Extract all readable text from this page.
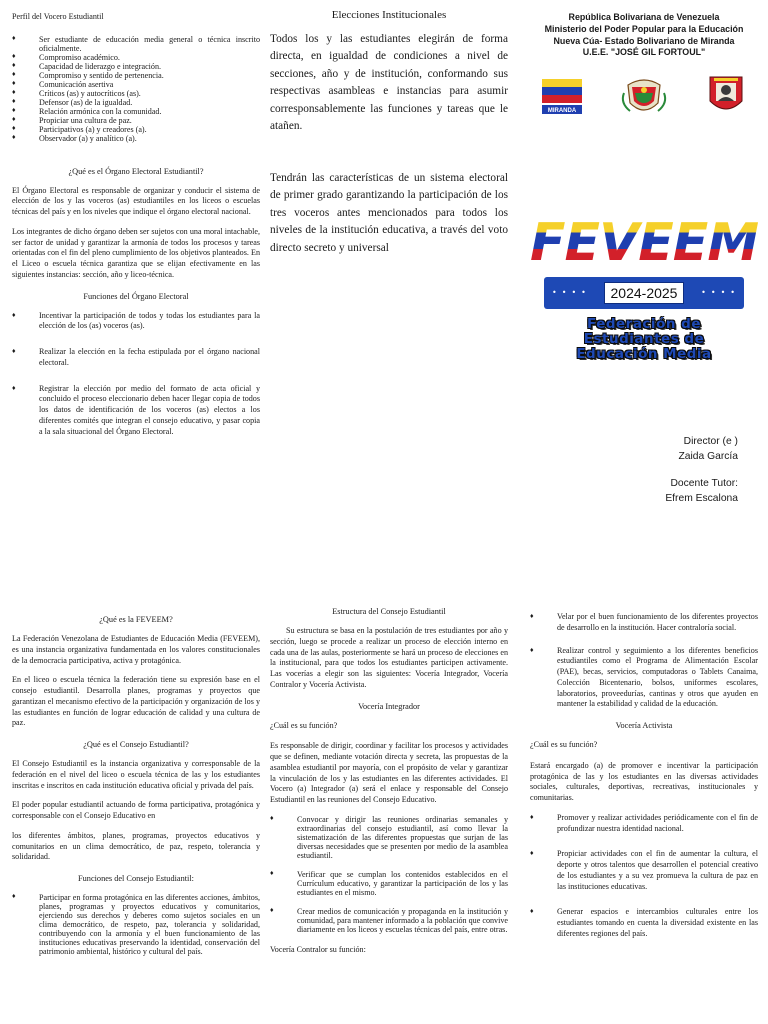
Perfil del Vocero Estudiantil
♦ Ser estudiante de educación media general o técnica inscrito oficialmente.
♦ Compromiso académico.
♦ Capacidad de liderazgo e integración.
♦ Compromiso y sentido de pertenencia.
♦ Comunicación asertiva
♦ Críticos (as) y autocríticos (as).
♦ Defensor (as) de la igualdad.
♦ Relación armónica con la comunidad.
♦ Propiciar una cultura de paz.
♦ Participativos (a) y creadores (a).
♦ Observador (a) y analítico (a).
¿Qué es el Órgano Electoral Estudiantil?

El Órgano Electoral es responsable de organizar y conducir el sistema de elección de los y las voceros (as) estudiantiles en los liceos o escuelas técnicas del país y en los niveles que indique el órgano electoral nacional.

Los integrantes de dicho órgano deben ser sujetos con una moral intachable, ser factor de unidad y garantizar la armonía de todos los procesos y tareas orientadas con el fin del pleno cumplimiento de los objetivos planteados. En el Liceo o escuela técnica garantiza que se elijan efectivamente en las siguientes instancias: sección, año y liceo-técnica.

Funciones del Órgano Electoral
♦ Incentivar la participación de todos y todas los estudiantes para la elección de los (as) voceros (as).
♦ Realizar la elección en la fecha estipulada por el órgano nacional electoral.
♦ Registrar la elección por medio del formato de acta oficial y concluido el proceso eleccionario deben hacer llegar copia de todos los datos de identificación de los voceros (as) electos a los diferentes comités que integran el consejo educativo, y pasar copia a la sala situacional del Órgano Electoral.
Elecciones Institucionales

Todos los y las estudiantes elegirán de forma directa, en igualdad de condiciones a nivel de secciones, año y de institución, conformando sus respectivas asambleas e instancias para asumir corresponsablemente las funciones y tareas que le atañen.

Tendrán las características de un sistema electoral de primer grado garantizando la participación de los tres voceros antes mencionados para todos los niveles de la institución educativa, a través del voto directo secreto y universal

República Bolivariana de Venezuela
Ministerio del Poder Popular para la Educación
Nueva Cúa- Estado Bolivariano de Miranda
U.E.E. "JOSÉ GIL FORTOUL"
MIRANDA
FEVEEM
••••	2024-2025	••••
Federación de
Estudiantes de
Educación Media
Director (e )
Zaida García
Docente Tutor:
Efrem Escalona
¿Qué es la FEVEEM?

La Federación Venezolana de Estudiantes de Educación Media (FEVEEM), es una instancia organizativa fundamentada en los valores constitucionales de la democracia participativa, activa y protagónica.

En el liceo o escuela técnica la federación tiene su expresión base en el consejo estudiantil. Desarrolla planes, programas y proyectos que garantizan el mecanismo efectivo de la participación y organización de los y las estudiantes en función de lograr educación de calidad y una cultura de paz.

¿Qué es el Consejo Estudiantil?

El Consejo Estudiantil es la instancia organizativa y corresponsable de la federación en el nivel del liceo o escuela técnica de las y los estudiantes inscritas e inscritos en cada institución educativa oficial y privada del país.

El poder popular estudiantil actuando de forma participativa, protagónica y corresponsable con el Consejo Educativo en

los diferentes ámbitos, planes, programas, proyectos educativos y comunitarios en un clima democrático, de paz, respeto, tolerancia y solidaridad.

Funciones del Consejo Estudiantil:
♦ Participar en forma protagónica en las diferentes acciones, ámbitos, planes, programas y proyectos educativos y comunitarios, ejerciendo sus derechos y deberes como sujetos sociales en un clima democrático, de respeto, paz, tolerancia y solidaridad, contribuyendo con la armonía y el buen funcionamiento de las instituciones educativas preservando la identidad, conservación del patrimonio ambiental, histórico y cultural del país.
Estructura del Consejo Estudiantil

Su estructura se basa en la postulación de tres estudiantes por año y sección, luego se procede a realizar un proceso de elección interno en cada una de las aulas, posteriormente se hará un proceso de elecciones en la institucional, para que todos los estudiantes participen activamente. Las vocerías a elegir son las siguientes: Vocería Integrador, Vocería Contralor y Vocería Activista.

Vocería Integrador
¿Cuál es su función?

Es responsable de dirigir, coordinar y facilitar los procesos y actividades que se definen, mediante votación directa y secreta, las propuestas de la asamblea estudiantil por mayoría, con el propósito de velar y garantizar la vinculación de los y las estudiantes en las diferentes actividades. El Vocero (a) Integrador (a) será el enlace y responsable del Consejo Estudiantil en las reuniones del Consejo Educativo.

♦ Convocar y dirigir las reuniones ordinarias semanales y extraordinarias del consejo estudiantil, así como llevar la sistematización de las diferentes propuestas que surjan de las diversas necesidades que se presenten por medio de la asamblea estudiantil.
♦ Verificar que se cumplan los contenidos establecidos en el Currículum educativo, y garantizar la participación de los y las estudiantes en el mismo.
♦ Crear medios de comunicación y propaganda en la institución y comunidad, para mantener informado a la población que convive diariamente en los liceos y escuelas técnicas del país, entre otras.
Vocería Contralor su función:
♦ Velar por el buen funcionamiento de los diferentes proyectos de desarrollo en la institución. Hacer contraloría social.
♦ Realizar control y seguimiento a los diferentes beneficios estudiantiles como el Programa de Alimentación Escolar (PAE), becas, servicios, computadoras o Tablets Canaima, Colección Bicentenario, bolsos, uniformes escolares, laboratorios, proveedurías, cantinas y otros que ayuden en mantener la estabilidad y calidad de la educación.
Vocería Activista
¿Cuál es su función?

Estará encargado (a) de promover e incentivar la participación protagónica de las y los estudiantes en las diversas actividades sociales, culturales, deportivas, recreativas, institucionales y comunitarias.

♦ Promover y realizar actividades periódicamente con el fin de profundizar nuestra identidad nacional.
♦ Propiciar actividades con el fin de aumentar la cultura, el deporte y otros talentos que desarrollen el potencial creativo de los estudiantes y a su vez promueva la cultura de paz en las instituciones educativas.
♦ Generar espacios e intercambios culturales entre los estudiantes tomando en cuenta la diversidad existente en las diferentes regiones del país.
